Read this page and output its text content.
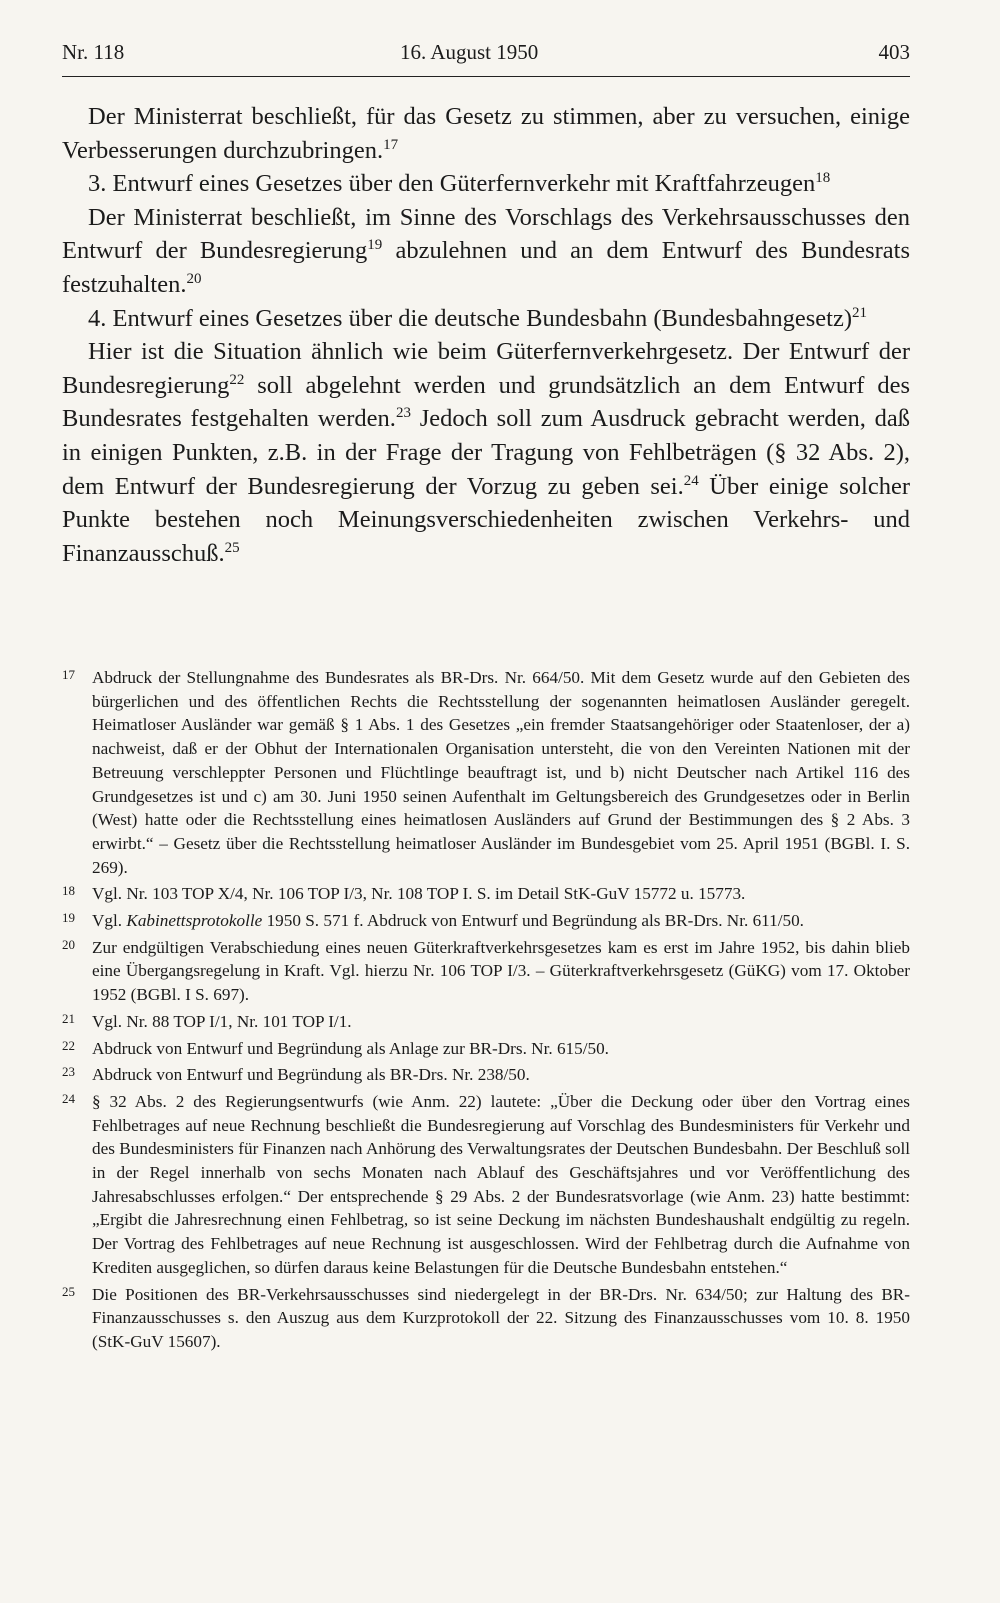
Nr. 118	16. August 1950	403

Der Ministerrat beschließt, für das Gesetz zu stimmen, aber zu versuchen, einige Verbesserungen durchzubringen.$^{17}$

3. Entwurf eines Gesetzes über den Güterfernverkehr mit Kraftfahrzeugen$^{18}$

Der Ministerrat beschließt, im Sinne des Vorschlags des Verkehrsausschusses den Entwurf der Bundesregierung$^{19}$ abzulehnen und an dem Entwurf des Bundesrats festzuhalten.$^{20}$

4. Entwurf eines Gesetzes über die deutsche Bundesbahn (Bundesbahngesetz)$^{21}$

Hier ist die Situation ähnlich wie beim Güterfernverkehrgesetz. Der Entwurf der Bundesregierung$^{22}$ soll abgelehnt werden und grundsätzlich an dem Entwurf des Bundesrates festgehalten werden.$^{23}$ Jedoch soll zum Ausdruck gebracht werden, daß in einigen Punkten, z.B. in der Frage der Tragung von Fehlbeträgen (§ 32 Abs. 2), dem Entwurf der Bundesregierung der Vorzug zu geben sei.$^{24}$ Über einige solcher Punkte bestehen noch Meinungsverschiedenheiten zwischen Verkehrs- und Finanzausschuß.$^{25}$

17 Abdruck der Stellungnahme des Bundesrates als BR-Drs. Nr. 664/50. Mit dem Gesetz wurde auf den Gebieten des bürgerlichen und des öffentlichen Rechts die Rechtsstellung der sogenannten heimatlosen Ausländer geregelt. Heimatloser Ausländer war gemäß § 1 Abs. 1 des Gesetzes „ein fremder Staatsangehöriger oder Staatenloser, der a) nachweist, daß er der Obhut der Internationalen Organisation untersteht, die von den Vereinten Nationen mit der Betreuung verschleppter Personen und Flüchtlinge beauftragt ist, und b) nicht Deutscher nach Artikel 116 des Grundgesetzes ist und c) am 30. Juni 1950 seinen Aufenthalt im Geltungsbereich des Grundgesetzes oder in Berlin (West) hatte oder die Rechtsstellung eines heimatlosen Ausländers auf Grund der Bestimmungen des § 2 Abs. 3 erwirbt.“ – Gesetz über die Rechtsstellung heimatloser Ausländer im Bundesgebiet vom 25. April 1951 (BGBl. I. S. 269).
18 Vgl. Nr. 103 TOP X/4, Nr. 106 TOP I/3, Nr. 108 TOP I. S. im Detail StK-GuV 15772 u. 15773.
19 Vgl. Kabinettsprotokolle 1950 S. 571 f. Abdruck von Entwurf und Begründung als BR-Drs. Nr. 611/50.
20 Zur endgültigen Verabschiedung eines neuen Güterkraftverkehrsgesetzes kam es erst im Jahre 1952, bis dahin blieb eine Übergangsregelung in Kraft. Vgl. hierzu Nr. 106 TOP I/3. – Güterkraftverkehrsgesetz (GüKG) vom 17. Oktober 1952 (BGBl. I S. 697).
21 Vgl. Nr. 88 TOP I/1, Nr. 101 TOP I/1.
22 Abdruck von Entwurf und Begründung als Anlage zur BR-Drs. Nr. 615/50.
23 Abdruck von Entwurf und Begründung als BR-Drs. Nr. 238/50.
24 § 32 Abs. 2 des Regierungsentwurfs (wie Anm. 22) lautete: „Über die Deckung oder über den Vortrag eines Fehlbetrages auf neue Rechnung beschließt die Bundesregierung auf Vorschlag des Bundesministers für Verkehr und des Bundesministers für Finanzen nach Anhörung des Verwaltungsrates der Deutschen Bundesbahn. Der Beschluß soll in der Regel innerhalb von sechs Monaten nach Ablauf des Geschäftsjahres und vor Veröffentlichung des Jahresabschlusses erfolgen.“ Der entsprechende § 29 Abs. 2 der Bundesratsvorlage (wie Anm. 23) hatte bestimmt: „Ergibt die Jahresrechnung einen Fehlbetrag, so ist seine Deckung im nächsten Bundeshaushalt endgültig zu regeln. Der Vortrag des Fehlbetrages auf neue Rechnung ist ausgeschlossen. Wird der Fehlbetrag durch die Aufnahme von Krediten ausgeglichen, so dürfen daraus keine Belastungen für die Deutsche Bundesbahn entstehen.“
25 Die Positionen des BR-Verkehrsausschusses sind niedergelegt in der BR-Drs. Nr. 634/50; zur Haltung des BR-Finanzausschusses s. den Auszug aus dem Kurzprotokoll der 22. Sitzung des Finanzausschusses vom 10. 8. 1950 (StK-GuV 15607).
